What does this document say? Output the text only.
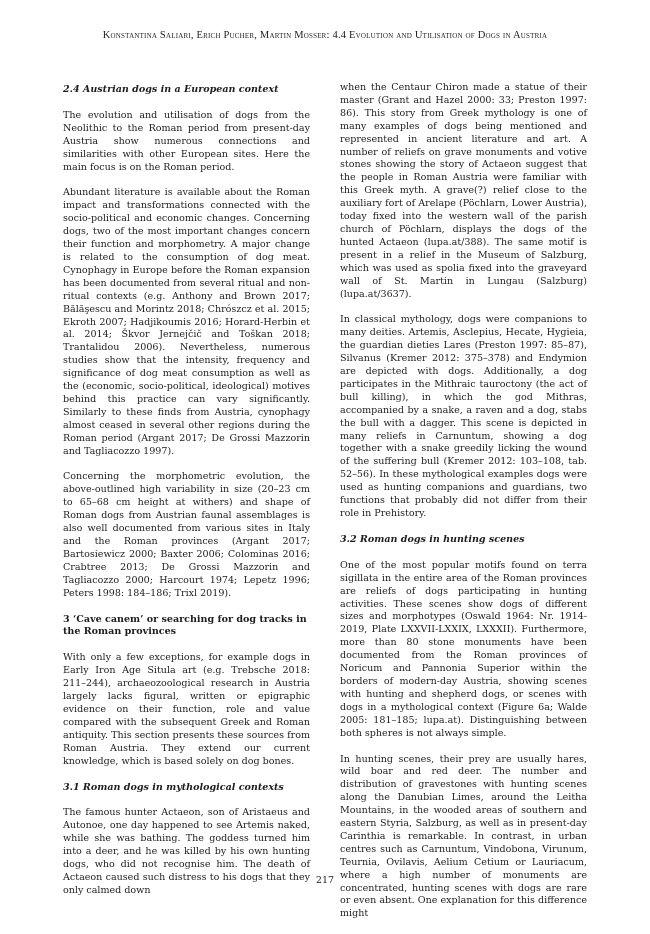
Konstantina Saliari, Erich Pucher, Martin Mosser: 4.4 Evolution and Utilisation of Dogs in Austria
2.4 Austrian dogs in a European context

The evolution and utilisation of dogs from the Neolithic to the Roman period from present-day Austria show numerous connections and similarities with other European sites. Here the main focus is on the Roman period.

Abundant literature is available about the Roman impact and transformations connected with the socio-political and economic changes. Concerning dogs, two of the most important changes concern their function and morphometry. A major change is related to the consumption of dog meat. Cynophagy in Europe before the Roman expansion has been documented from several ritual and non-ritual contexts (e.g. Anthony and Brown 2017; Bălăşescu and Morintz 2018; Chrószcz et al. 2015; Ekroth 2007; Hadjikoumis 2016; Horard-Herbin et al. 2014; Škvor Jernejčič and Toškan 2018; Trantalidou 2006). Nevertheless, numerous studies show that the intensity, frequency and significance of dog meat consumption as well as the (economic, socio-political, ideological) motives behind this practice can vary significantly. Similarly to these finds from Austria, cynophagy almost ceased in several other regions during the Roman period (Argant 2017; De Grossi Mazzorin and Tagliacozzo 1997).

Concerning the morphometric evolution, the above-outlined high variability in size (20–23 cm to 65–68 cm height at withers) and shape of Roman dogs from Austrian faunal assemblages is also well documented from various sites in Italy and the Roman provinces (Argant 2017; Bartosiewicz 2000; Baxter 2006; Colominas 2016; Crabtree 2013; De Grossi Mazzorin and Tagliacozzo 2000; Harcourt 1974; Lepetz 1996; Peters 1998: 184–186; Trixl 2019).

3 ‘Cave canem’ or searching for dog tracks in the Roman provinces

With only a few exceptions, for example dogs in Early Iron Age Situla art (e.g. Trebsche 2018: 211–244), archaeozoological research in Austria largely lacks figural, written or epigraphic evidence on their function, role and value compared with the subsequent Greek and Roman antiquity. This section presents these sources from Roman Austria. They extend our current knowledge, which is based solely on dog bones.

3.1 Roman dogs in mythological contexts

The famous hunter Actaeon, son of Aristaeus and Autonoe, one day happened to see Artemis naked, while she was bathing. The goddess turned him into a deer, and he was killed by his own hunting dogs, who did not recognise him. The death of Actaeon caused such distress to his dogs that they only calmed down

when the Centaur Chiron made a statue of their master (Grant and Hazel 2000: 33; Preston 1997: 86). This story from Greek mythology is one of many examples of dogs being mentioned and represented in ancient literature and art. A number of reliefs on grave monuments and votive stones showing the story of Actaeon suggest that the people in Roman Austria were familiar with this Greek myth. A grave(?) relief close to the auxiliary fort of Arelape (Pöchlarn, Lower Austria), today fixed into the western wall of the parish church of Pöchlarn, displays the dogs of the hunted Actaeon (lupa.at/388). The same motif is present in a relief in the Museum of Salzburg, which was used as spolia fixed into the graveyard wall of St. Martin in Lungau (Salzburg) (lupa.at/3637).

In classical mythology, dogs were companions to many deities. Artemis, Asclepius, Hecate, Hygieia, the guardian dieties Lares (Preston 1997: 85–87), Silvanus (Kremer 2012: 375–378) and Endymion are depicted with dogs. Additionally, a dog participates in the Mithraic tauroctony (the act of bull killing), in which the god Mithras, accompanied by a snake, a raven and a dog, stabs the bull with a dagger. This scene is depicted in many reliefs in Carnuntum, showing a dog together with a snake greedily licking the wound of the suffering bull (Kremer 2012: 103–108, tab. 52–56). In these mythological examples dogs were used as hunting companions and guardians, two functions that probably did not differ from their role in Prehistory.

3.2 Roman dogs in hunting scenes

One of the most popular motifs found on terra sigillata in the entire area of the Roman provinces are reliefs of dogs participating in hunting activities. These scenes show dogs of different sizes and morphotypes (Oswald 1964: Nr. 1914-2019, Plate LXXVII-LXXIX, LXXXII). Furthermore, more than 80 stone monuments have been documented from the Roman provinces of Noricum and Pannonia Superior within the borders of modern-day Austria, showing scenes with hunting and shepherd dogs, or scenes with dogs in a mythological context (Figure 6a; Walde 2005: 181–185; lupa.at). Distinguishing between both spheres is not always simple.

In hunting scenes, their prey are usually hares, wild boar and red deer. The number and distribution of gravestones with hunting scenes along the Danubian Limes, around the Leitha Mountains, in the wooded areas of southern and eastern Styria, Salzburg, as well as in present-day Carinthia is remarkable. In contrast, in urban centres such as Carnuntum, Vindobona, Virunum, Teurnia, Ovilavis, Aelium Cetium or Lauriacum, where a high number of monuments are concentrated, hunting scenes with dogs are rare or even absent. One explanation for this difference might

217
